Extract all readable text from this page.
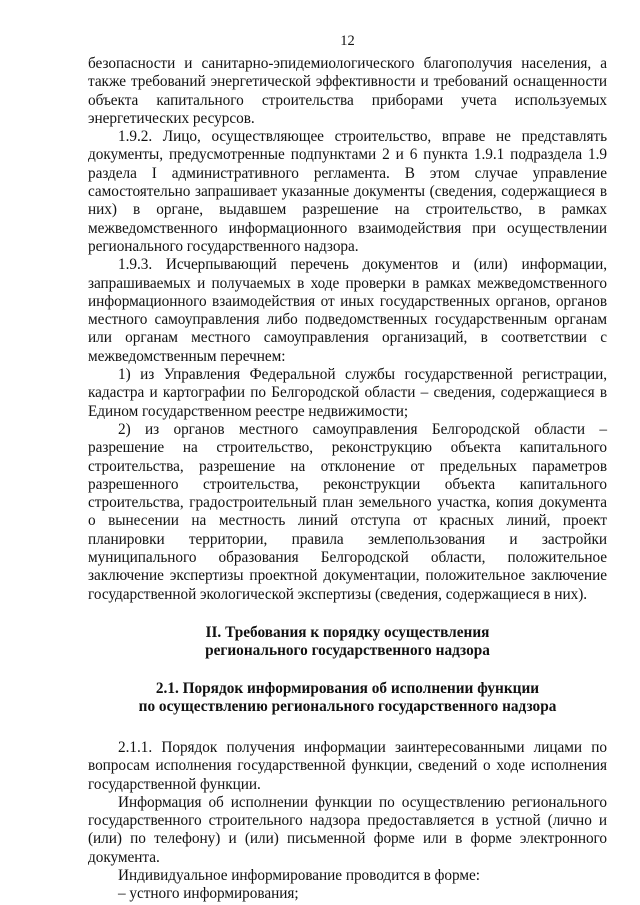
12

безопасности и санитарно-эпидемиологического благополучия населения, а также требований энергетической эффективности и требований оснащенности объекта капитального строительства приборами учета используемых энергетических ресурсов.

1.9.2. Лицо, осуществляющее строительство, вправе не представлять документы, предусмотренные подпунктами 2 и 6 пункта 1.9.1 подраздела 1.9 раздела I административного регламента. В этом случае управление самостоятельно запрашивает указанные документы (сведения, содержащиеся в них) в органе, выдавшем разрешение на строительство, в рамках межведомственного информационного взаимодействия при осуществлении регионального государственного надзора.

1.9.3. Исчерпывающий перечень документов и (или) информации, запрашиваемых и получаемых в ходе проверки в рамках межведомственного информационного взаимодействия от иных государственных органов, органов местного самоуправления либо подведомственных государственным органам или органам местного самоуправления организаций, в соответствии с межведомственным перечнем:

1) из Управления Федеральной службы государственной регистрации, кадастра и картографии по Белгородской области – сведения, содержащиеся в Едином государственном реестре недвижимости;

2) из органов местного самоуправления Белгородской области – разрешение на строительство, реконструкцию объекта капитального строительства, разрешение на отклонение от предельных параметров разрешенного строительства, реконструкции объекта капитального строительства, градостроительный план земельного участка, копия документа о вынесении на местность линий отступа от красных линий, проект планировки территории, правила землепользования и застройки муниципального образования Белгородской области, положительное заключение экспертизы проектной документации, положительное заключение государственной экологической экспертизы (сведения, содержащиеся в них).

II. Требования к порядку осуществления

регионального государственного надзора

2.1. Порядок информирования об исполнении функции

по осуществлению регионального государственного надзора

2.1.1. Порядок получения информации заинтересованными лицами по вопросам исполнения государственной функции, сведений о ходе исполнения государственной функции.

Информация об исполнении функции по осуществлению регионального государственного строительного надзора предоставляется в устной (лично и (или) по телефону) и (или) письменной форме или в форме электронного документа.

Индивидуальное информирование проводится в форме:

– устного информирования;
